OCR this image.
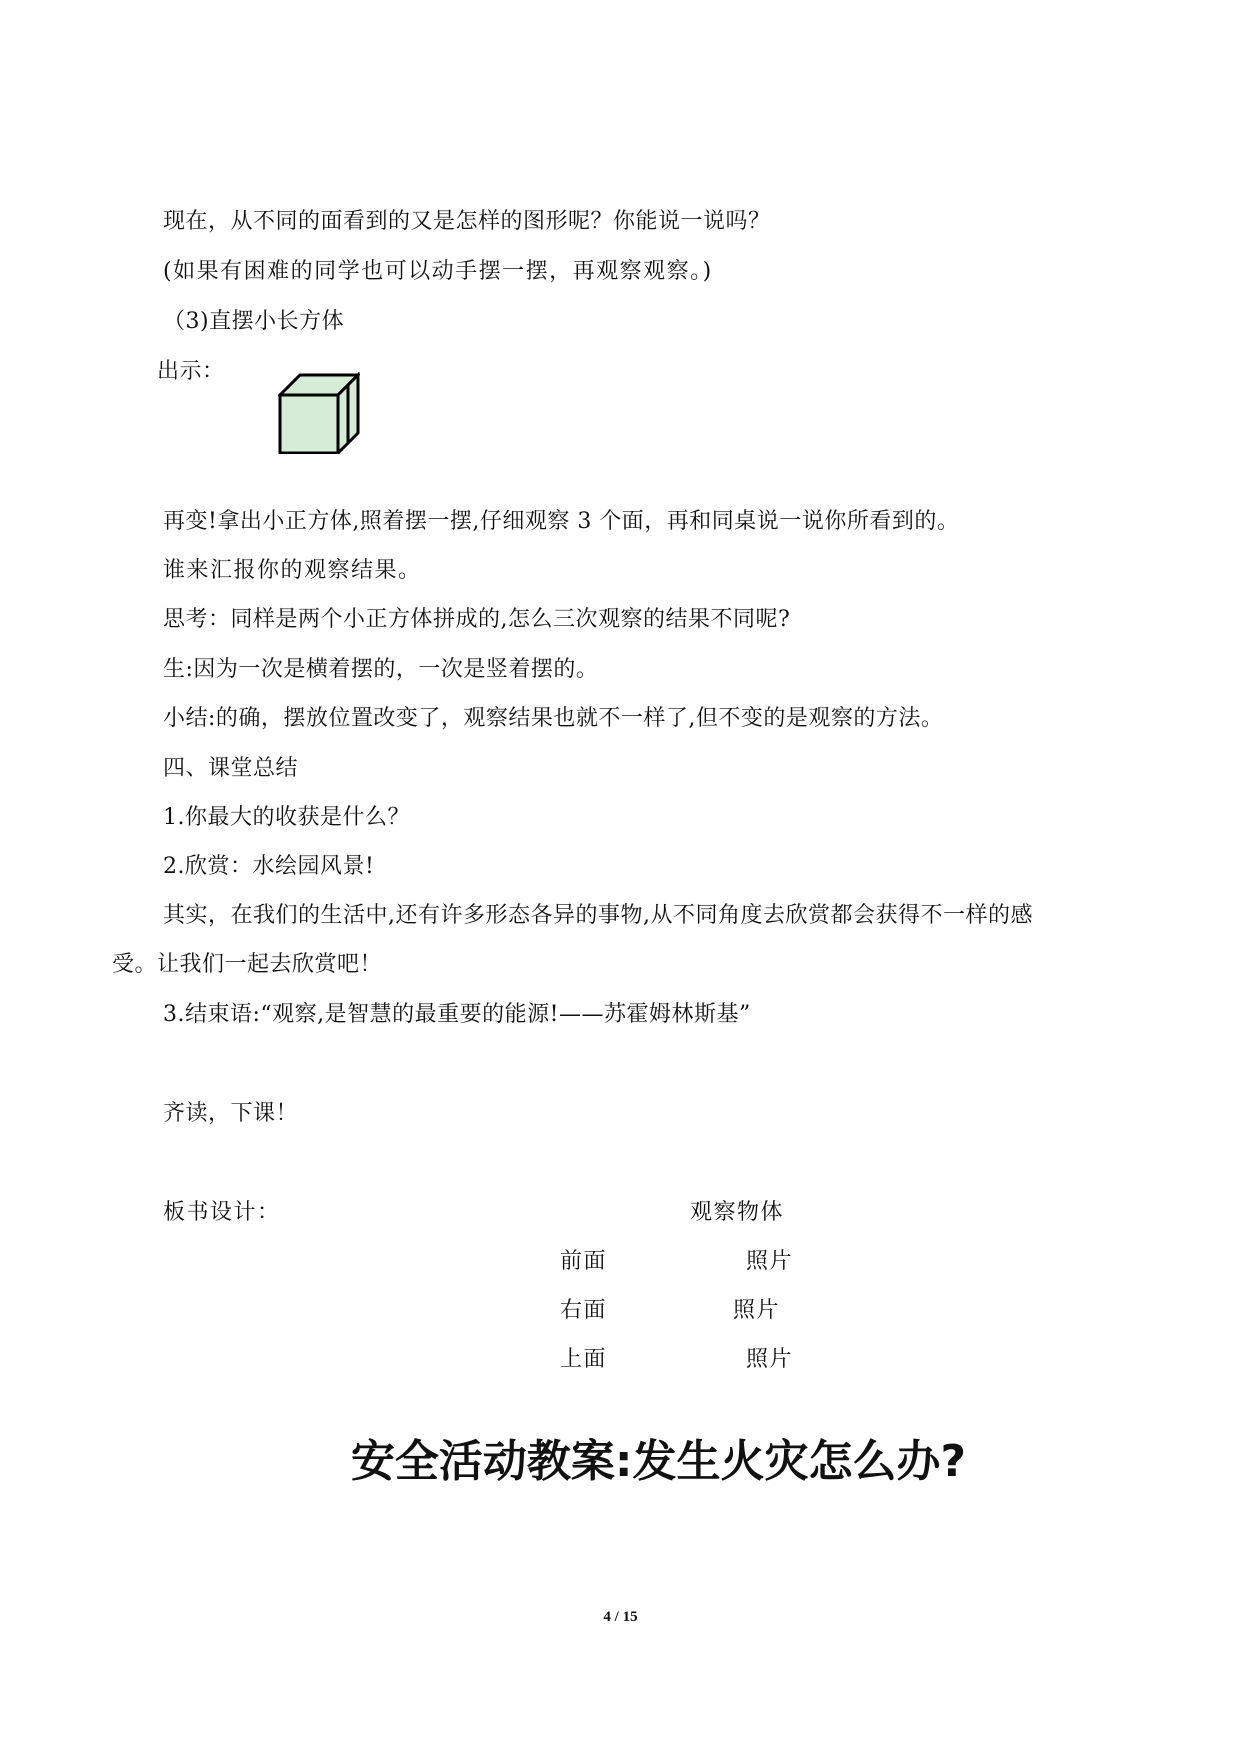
现在，从不同的面看到的又是怎样的图形呢？你能说一说吗？
(如果有困难的同学也可以动手摆一摆，再观察观察。)
（3)直摆小长方体
出示：
再变!拿出小正方体,照着摆一摆,仔细观察 3 个面，再和同桌说一说你所看到的。
谁来汇报你的观察结果。
思考：同样是两个小正方体拼成的,怎么三次观察的结果不同呢?
生:因为一次是横着摆的，一次是竖着摆的。
小结:的确，摆放位置改变了，观察结果也就不一样了,但不变的是观察的方法。
四、课堂总结
1.你最大的收获是什么？
2.欣赏：水绘园风景!
其实，在我们的生活中,还有许多形态各异的事物,从不同角度去欣赏都会获得不一样的感
受。让我们一起去欣赏吧！
3.结束语:“观察,是智慧的最重要的能源!——苏霍姆林斯基”
齐读，下课！
板书设计：	观察物体
前面	照片
右面	照片
上面	照片
安全活动教案:发生火灾怎么办?
4 / 15
